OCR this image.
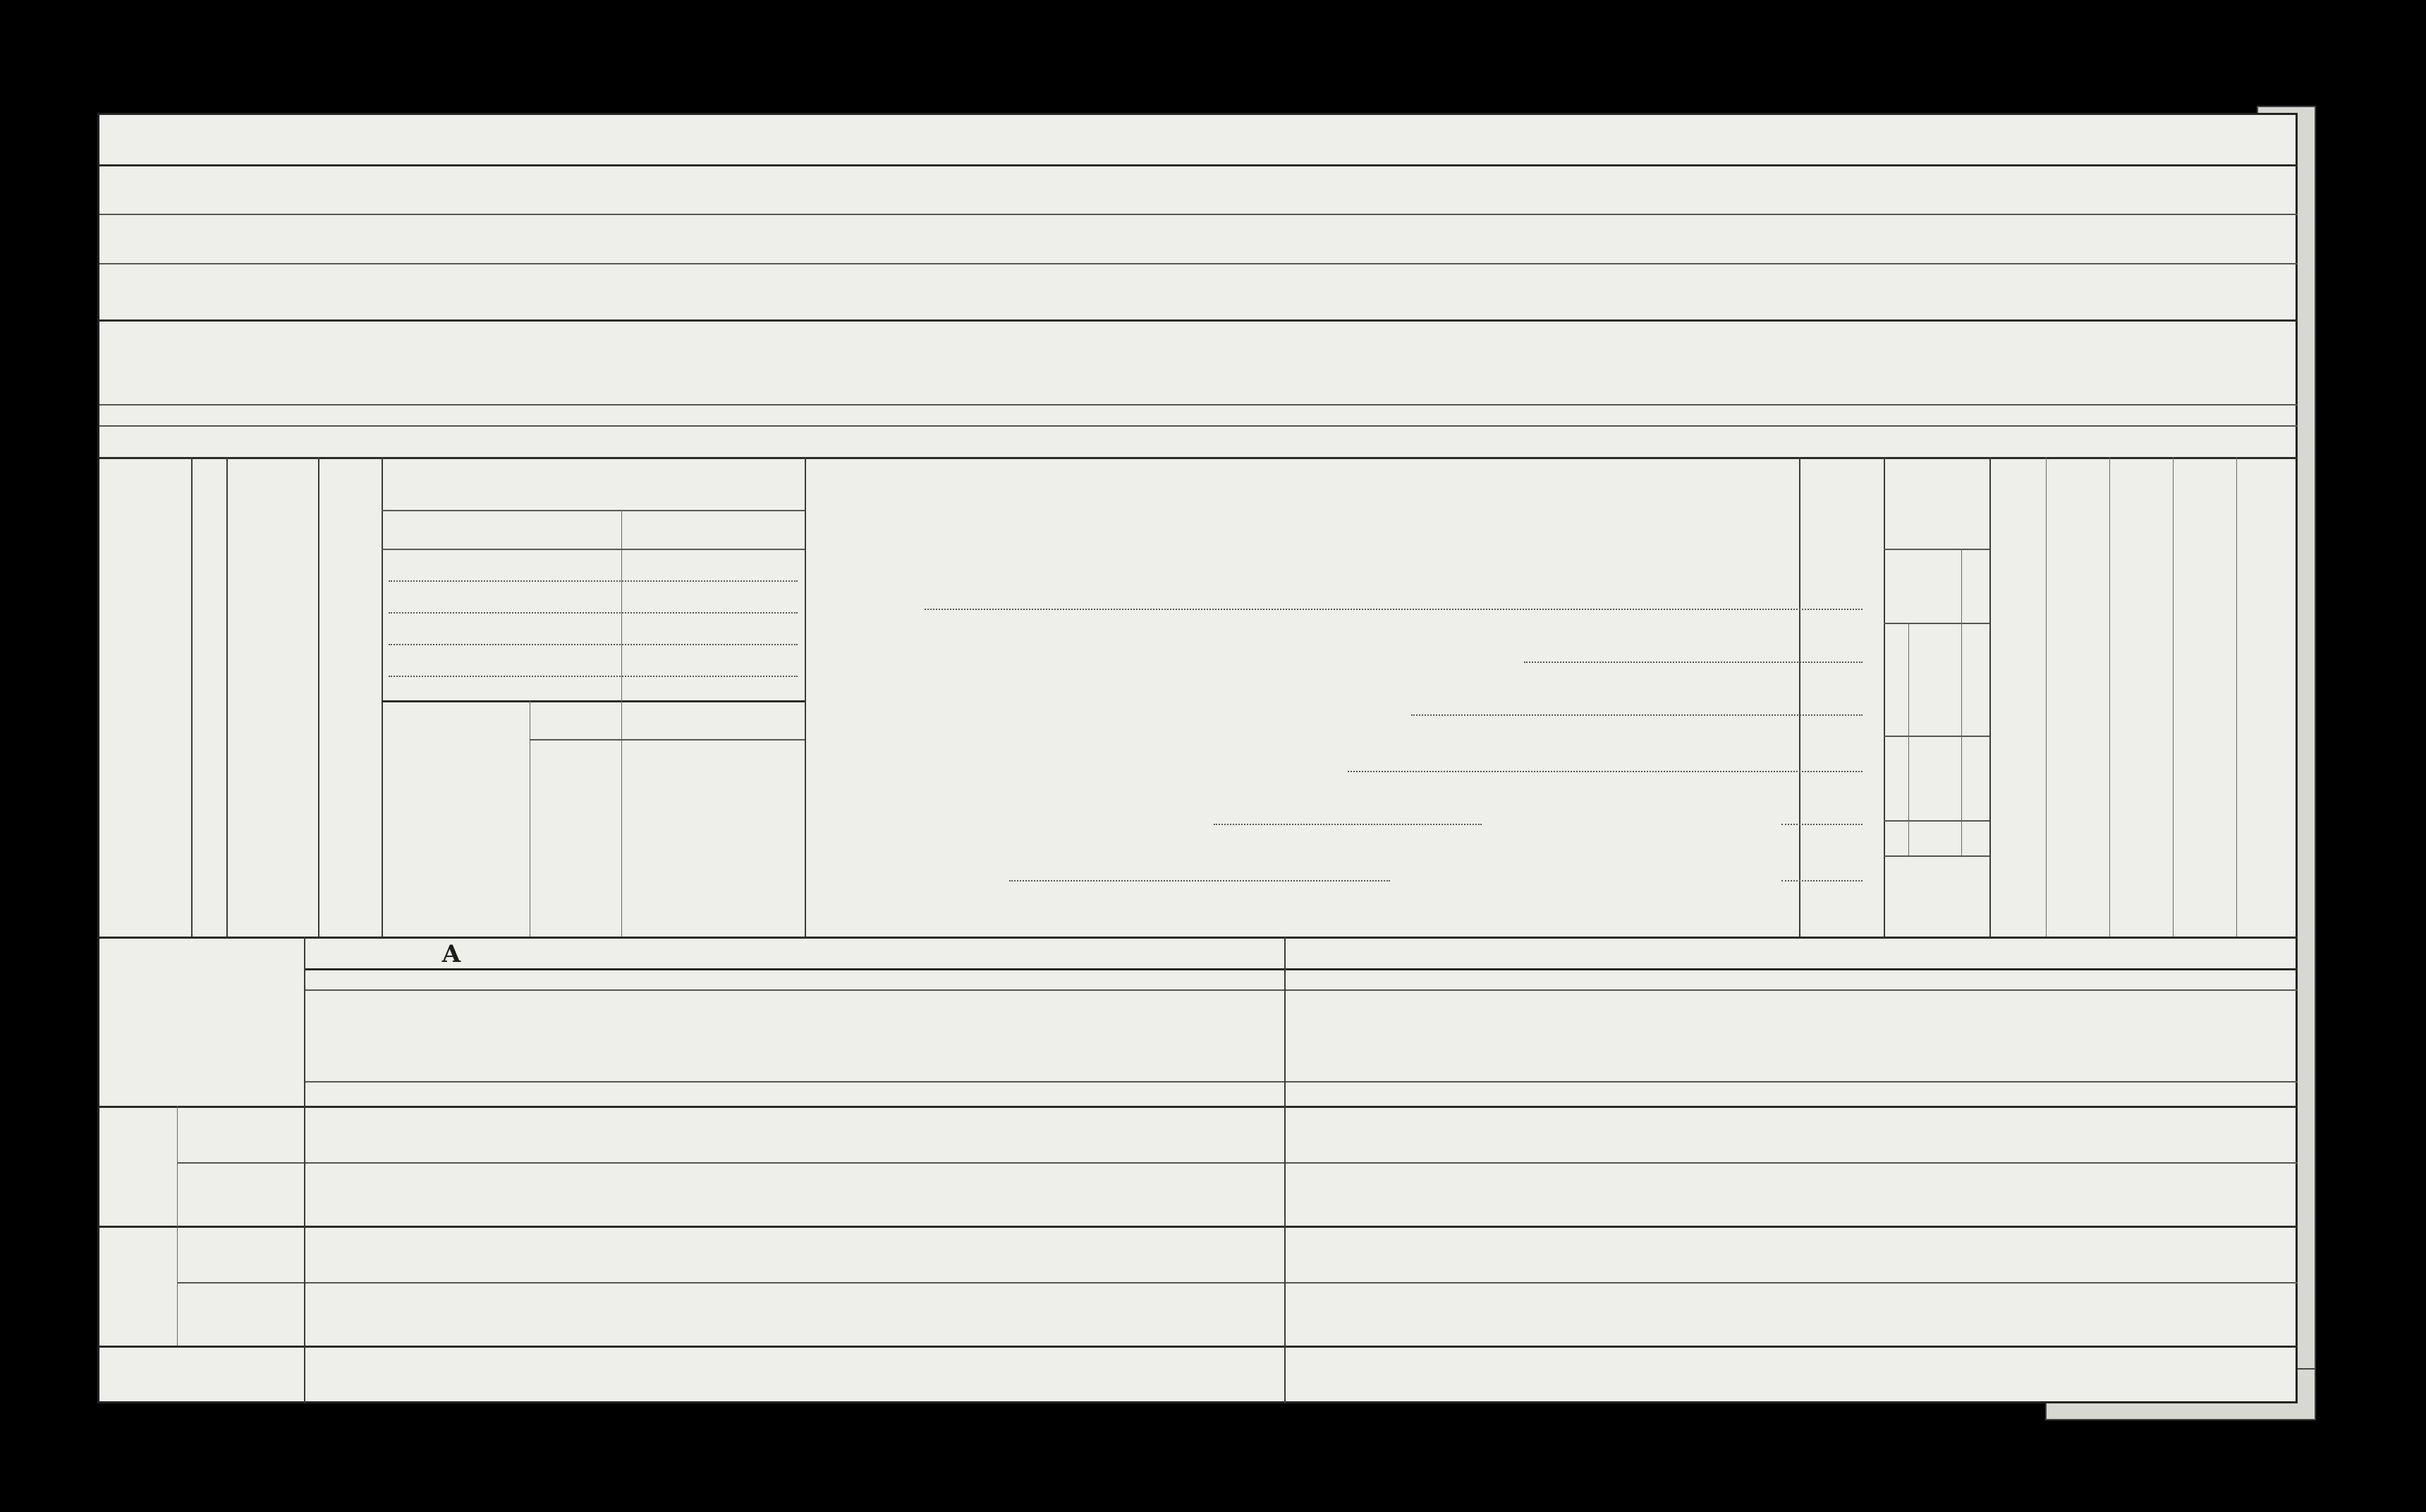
А
